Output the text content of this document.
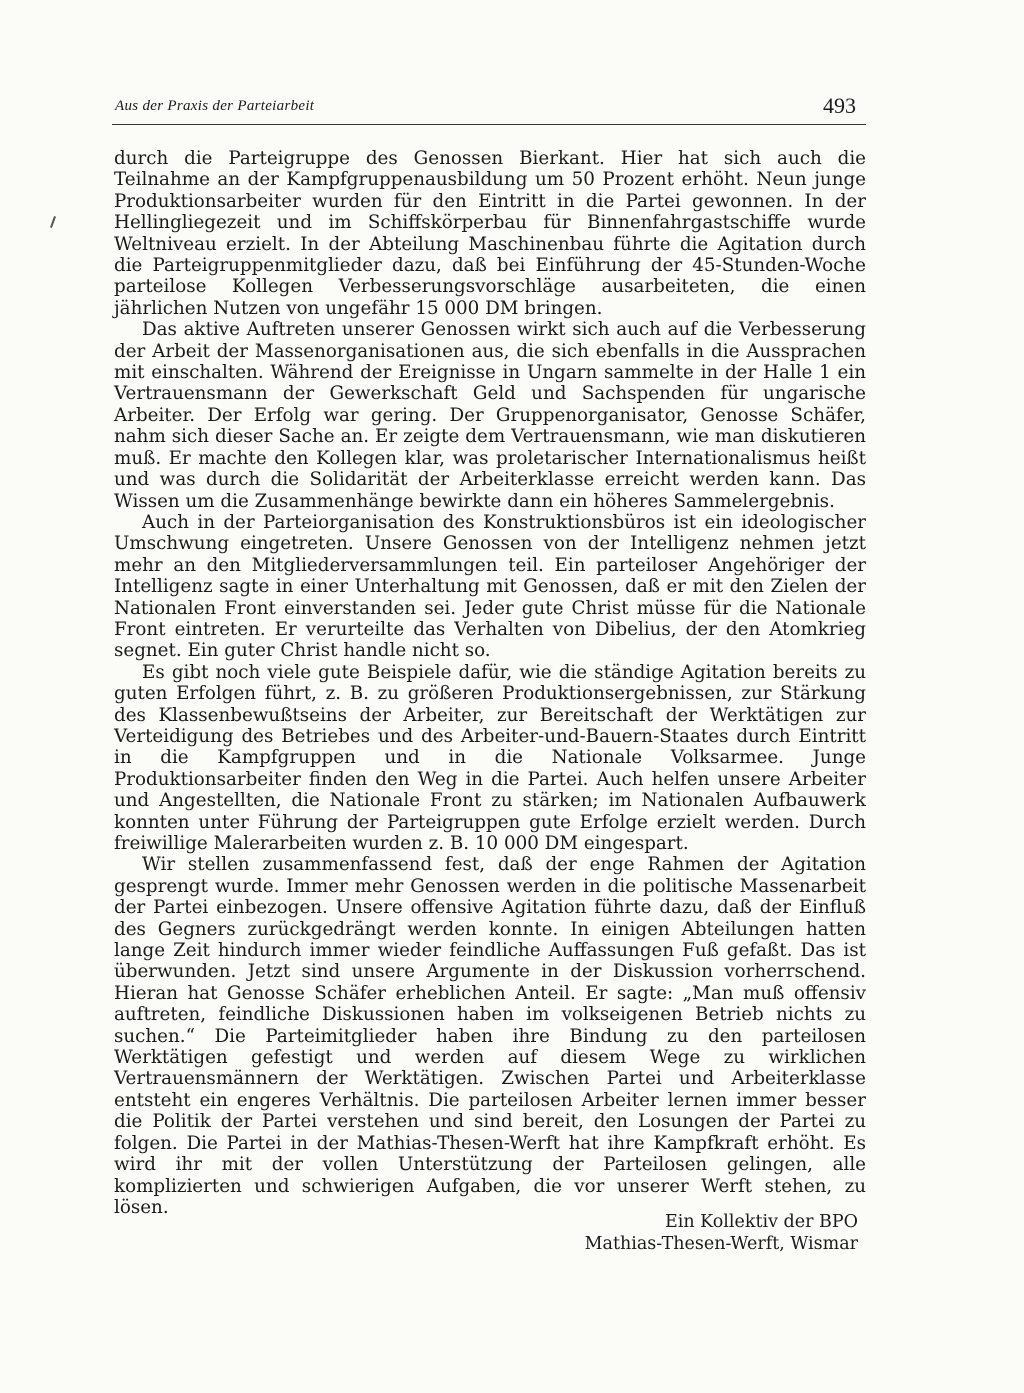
Aus der Praxis der Parteiarbeit	493

durch die Parteigruppe des Genossen Bierkant. Hier hat sich auch die Teilnahme an der Kampfgruppenausbildung um 50 Prozent erhöht. Neun junge Produktionsarbeiter wurden für den Eintritt in die Partei gewonnen. In der Hellingliegezeit und im Schiffskörperbau für Binnenfahrgastschiffe wurde Weltniveau erzielt. In der Abteilung Maschinenbau führte die Agitation durch die Parteigruppenmitglieder dazu, daß bei Einführung der 45-Stunden-Woche parteilose Kollegen Verbesserungsvorschläge ausarbeiteten, die einen jährlichen Nutzen von ungefähr 15 000 DM bringen.

Das aktive Auftreten unserer Genossen wirkt sich auch auf die Verbesserung der Arbeit der Massenorganisationen aus, die sich ebenfalls in die Aussprachen mit einschalten. Während der Ereignisse in Ungarn sammelte in der Halle 1 ein Vertrauensmann der Gewerkschaft Geld und Sachspenden für ungarische Arbeiter. Der Erfolg war gering. Der Gruppenorganisator, Genosse Schäfer, nahm sich dieser Sache an. Er zeigte dem Vertrauensmann, wie man diskutieren muß. Er machte den Kollegen klar, was proletarischer Internationalismus heißt und was durch die Solidarität der Arbeiterklasse erreicht werden kann. Das Wissen um die Zusammenhänge bewirkte dann ein höheres Sammelergebnis.

Auch in der Parteiorganisation des Konstruktionsbüros ist ein ideologischer Umschwung eingetreten. Unsere Genossen von der Intelligenz nehmen jetzt mehr an den Mitgliederversammlungen teil. Ein parteiloser Angehöriger der Intelligenz sagte in einer Unterhaltung mit Genossen, daß er mit den Zielen der Nationalen Front einverstanden sei. Jeder gute Christ müsse für die Nationale Front eintreten. Er verurteilte das Verhalten von Dibelius, der den Atomkrieg segnet. Ein guter Christ handle nicht so.

Es gibt noch viele gute Beispiele dafür, wie die ständige Agitation bereits zu guten Erfolgen führt, z. B. zu größeren Produktionsergebnissen, zur Stärkung des Klassenbewußtseins der Arbeiter, zur Bereitschaft der Werktätigen zur Verteidigung des Betriebes und des Arbeiter-und-Bauern-Staates durch Eintritt in die Kampfgruppen und in die Nationale Volksarmee. Junge Produktionsarbeiter finden den Weg in die Partei. Auch helfen unsere Arbeiter und Angestellten, die Nationale Front zu stärken; im Nationalen Aufbauwerk konnten unter Führung der Parteigruppen gute Erfolge erzielt werden. Durch freiwillige Malerarbeiten wurden z. B. 10 000 DM eingespart.

Wir stellen zusammenfassend fest, daß der enge Rahmen der Agitation gesprengt wurde. Immer mehr Genossen werden in die politische Massenarbeit der Partei einbezogen. Unsere offensive Agitation führte dazu, daß der Einfluß des Gegners zurückgedrängt werden konnte. In einigen Abteilungen hatten lange Zeit hindurch immer wieder feindliche Auffassungen Fuß gefaßt. Das ist überwunden. Jetzt sind unsere Argumente in der Diskussion vorherrschend. Hieran hat Genosse Schäfer erheblichen Anteil. Er sagte: „Man muß offensiv auftreten, feindliche Diskussionen haben im volkseigenen Betrieb nichts zu suchen.“ Die Parteimitglieder haben ihre Bindung zu den parteilosen Werktätigen gefestigt und werden auf diesem Wege zu wirklichen Vertrauensmännern der Werktätigen. Zwischen Partei und Arbeiterklasse entsteht ein engeres Verhältnis. Die parteilosen Arbeiter lernen immer besser die Politik der Partei verstehen und sind bereit, den Losungen der Partei zu folgen. Die Partei in der Mathias-Thesen-Werft hat ihre Kampfkraft erhöht. Es wird ihr mit der vollen Unterstützung der Parteilosen gelingen, alle komplizierten und schwierigen Aufgaben, die vor unserer Werft stehen, zu lösen.

Ein Kollektiv der BPO
Mathias-Thesen-Werft, Wismar
